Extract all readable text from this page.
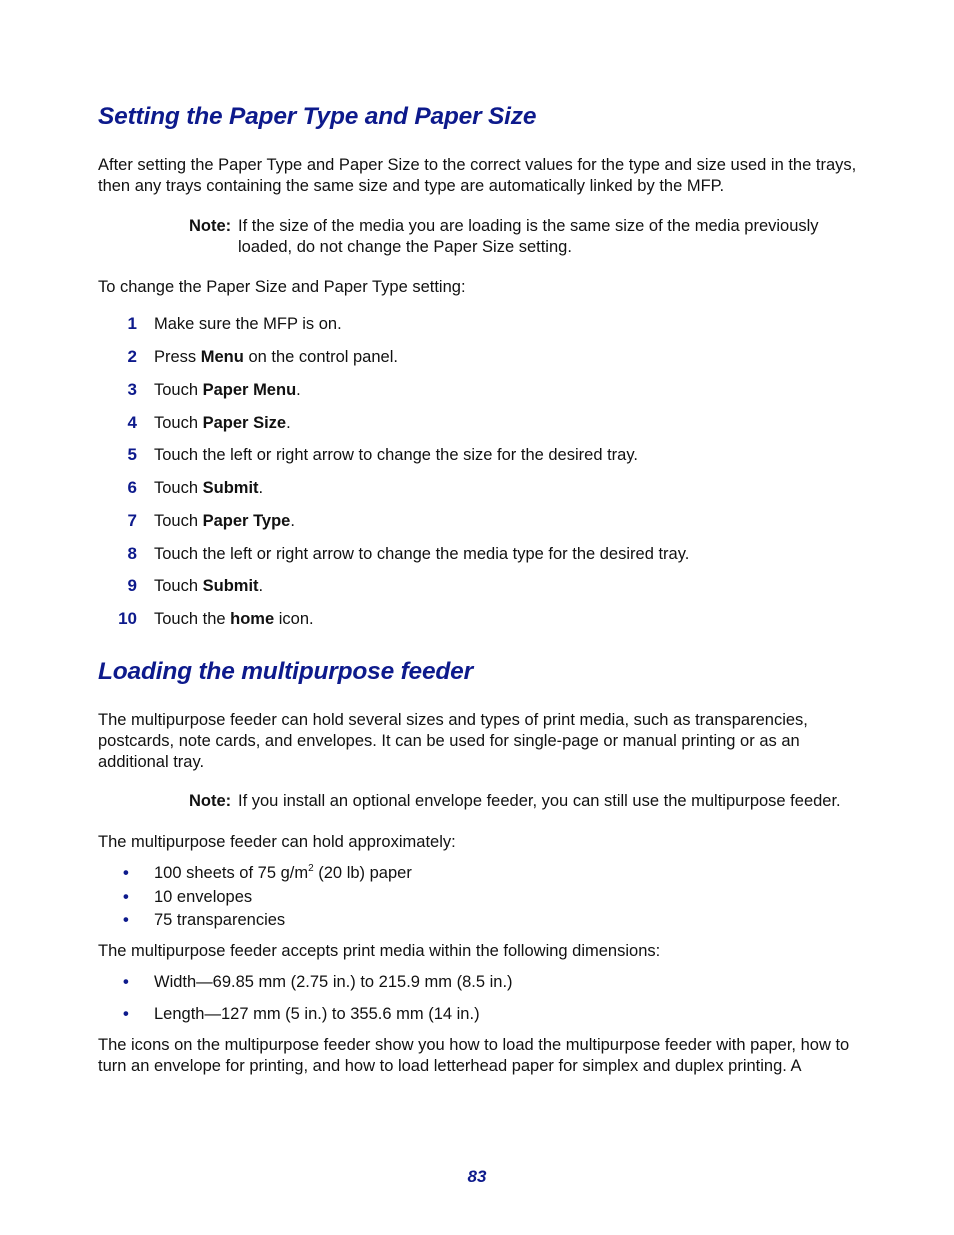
Setting the Paper Type and Paper Size

After setting the Paper Type and Paper Size to the correct values for the type and size used in the trays, then any trays containing the same size and type are automatically linked by the MFP.

Note: If the size of the media you are loading is the same size of the media previously loaded, do not change the Paper Size setting.

To change the Paper Size and Paper Type setting:

1 Make sure the MFP is on.
2 Press Menu on the control panel.
3 Touch Paper Menu.
4 Touch Paper Size.
5 Touch the left or right arrow to change the size for the desired tray.
6 Touch Submit.
7 Touch Paper Type.
8 Touch the left or right arrow to change the media type for the desired tray.
9 Touch Submit.
10 Touch the home icon.
Loading the multipurpose feeder

The multipurpose feeder can hold several sizes and types of print media, such as transparencies, postcards, note cards, and envelopes. It can be used for single-page or manual printing or as an additional tray.

Note: If you install an optional envelope feeder, you can still use the multipurpose feeder.

The multipurpose feeder can hold approximately:

• 100 sheets of 75 $g/m^2$ (20 lb) paper
• 10 envelopes
• 75 transparencies

The multipurpose feeder accepts print media within the following dimensions:

• Width—69.85 mm (2.75 in.) to 215.9 mm (8.5 in.)
• Length—127 mm (5 in.) to 355.6 mm (14 in.)

The icons on the multipurpose feeder show you how to load the multipurpose feeder with paper, how to turn an envelope for printing, and how to load letterhead paper for simplex and duplex printing. A

83
